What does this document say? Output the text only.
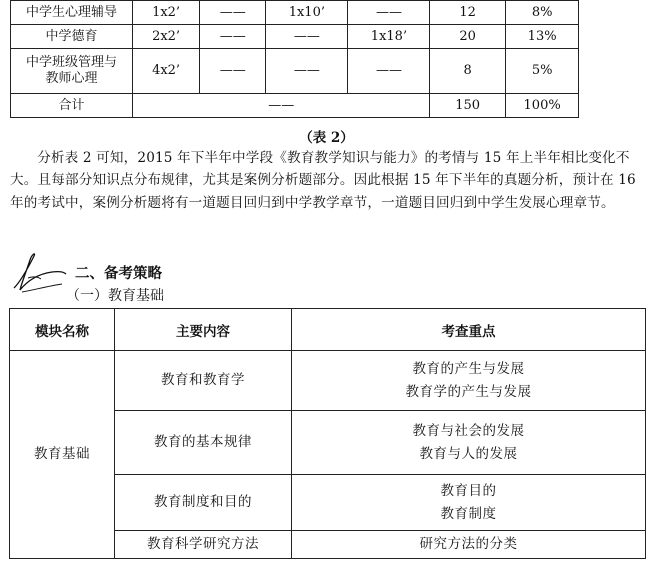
中学生心理辅导	1x2’	——	1x10’	——	12	8%
中学德育	2x2’	——	——	1x18’	20	13%

中学班级管理与
教师心理	4x2’	——	——	——	8	5%
合计	——				150	100%
（表 2）

分析表 2 可知，2015 年下半年中学段《教育教学知识与能力》的考情与 15 年上半年相比变化不大。且每部分知识点分布规律，尤其是案例分析题部分。因此根据 15 年下半年的真题分析，预计在 16 年的考试中，案例分析题将有一道题目回归到中学教学章节，一道题目回归到中学生发展心理章节。

二、备考策略
（一）教育基础
模块名称	主要内容	考查重点
教育基础	教育和教育学	教育的产生与发展
教育学的产生与发展

	教育的基本规律	教育与社会的发展
教育与人的发展

	教育制度和目的	教育目的
教育制度

	教育科学研究方法	研究方法的分类
